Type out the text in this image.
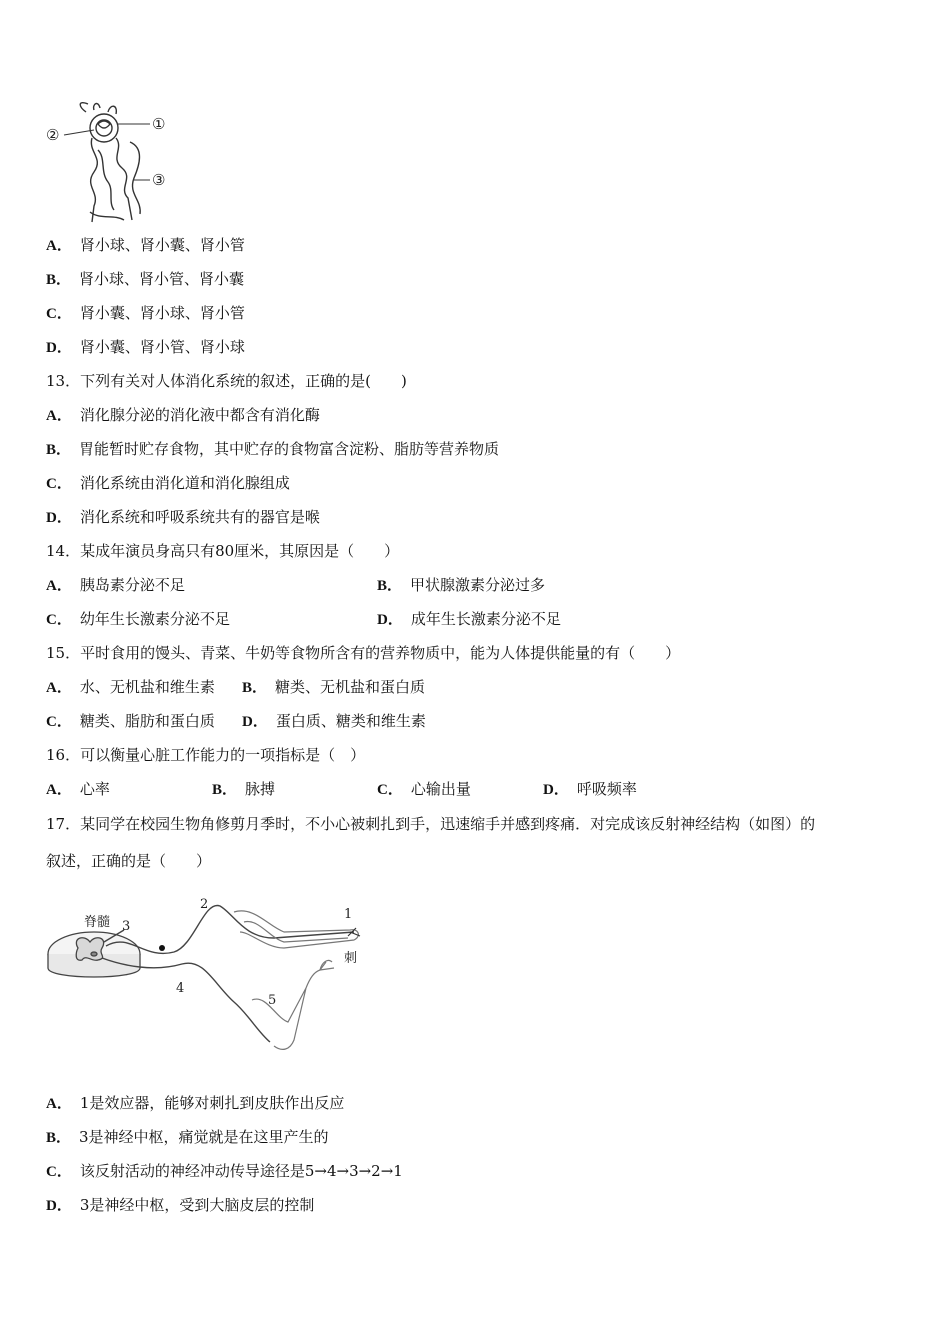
②
①
③
A． 肾小球、肾小囊、肾小管
B． 肾小球、肾小管、肾小囊
C． 肾小囊、肾小球、肾小管
D． 肾小囊、肾小管、肾小球
13．下列有关对人体消化系统的叙述，正确的是(　　)
A． 消化腺分泌的消化液中都含有消化酶
B． 胃能暂时贮存食物，其中贮存的食物富含淀粉、脂肪等营养物质
C． 消化系统由消化道和消化腺组成
D． 消化系统和呼吸系统共有的器官是喉
14．某成年演员身高只有80厘米，其原因是（　　）
A． 胰岛素分泌不足	B． 甲状腺激素分泌过多
C． 幼年生长激素分泌不足	D． 成年生长激素分泌不足
15．平时食用的馒头、青菜、牛奶等食物所含有的营养物质中，能为人体提供能量的有（　　）
A． 水、无机盐和维生素 B． 糖类、无机盐和蛋白质
C． 糖类、脂肪和蛋白质 D． 蛋白质、糖类和维生素
16．可以衡量心脏工作能力的一项指标是（　）
A． 心率	B． 脉搏	C． 心输出量	D． 呼吸频率
17．某同学在校园生物角修剪月季时，不小心被刺扎到手，迅速缩手并感到疼痛．对完成该反射神经结构（如图）的
叙述，正确的是（　　）
脊髓
刺
1
2
3
4
5
A． 1是效应器，能够对刺扎到皮肤作出反应
B． 3是神经中枢，痛觉就是在这里产生的
C． 该反射活动的神经冲动传导途径是5→4→3→2→1
D． 3是神经中枢，受到大脑皮层的控制
